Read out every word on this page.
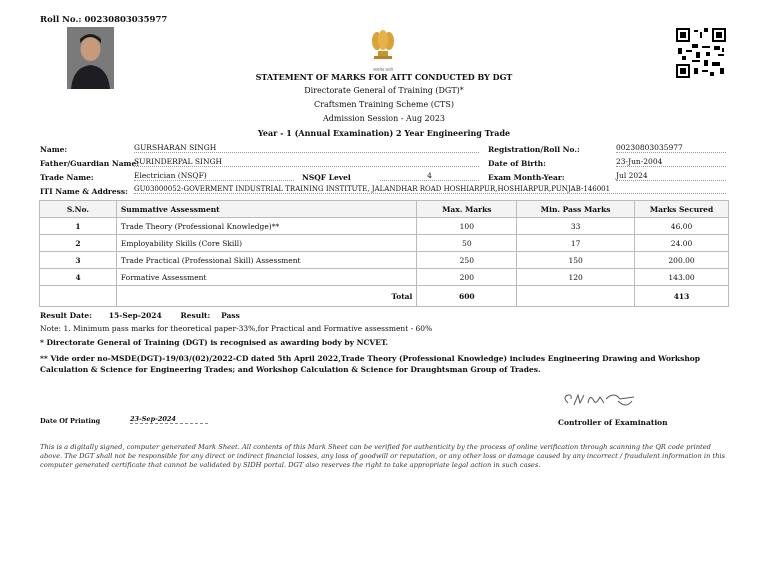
Roll No.: 00230803035977
सत्यमेव जयते
STATEMENT OF MARKS FOR AITT CONDUCTED BY DGT
Directorate General of Training (DGT)*
Craftsmen Training Scheme (CTS)
Admission Session - Aug 2023
Year - 1 (Annual Examination) 2 Year Engineering Trade
Name:	GURSHARAN SINGH
Father/Guardian Name:
SURINDERPAL SINGH
Trade Name:	Electrician (NSQF)	NSQF Level	4
ITI Name & Address: GU03000052-GOVERMENT INDUSTRIAL TRAINING INSTITUTE, JALANDHAR ROAD HOSHIARPUR,HOSHIARPUR,PUNJAB-146001
Registration/Roll No.:	00230803035977
Date of Birth:	23-Jun-2004
Exam Month-Year:	Jul 2024
S.No.	Summative Assessment	Max. Marks	Min. Pass Marks	Marks Secured
1	Trade Theory (Professional Knowledge)**	100	33	46.00
2	Employability Skills (Core Skill)	50	17	24.00
3	Trade Practical (Professional Skill) Assessment	250	150	200.00
4	Formative Assessment	200	120	143.00
	Total	600		413
Result Date: 15-Sep-2024	Result: Pass
Note: 1. Minimum pass marks for theoretical paper-33%,for Practical and Formative assessment - 60%
* Directorate General of Training (DGT) is recognised as awarding body by NCVET.
** Vide order no-MSDE(DGT)-19/03/(02)/2022-CD dated 5th April 2022,Trade Theory (Professional Knowledge) includes Engineering Drawing and Workshop Calculation & Science for Engineering Trades; and Workshop Calculation & Science for Draughtsman Group of Trades.
Controller of Examination
Date Of Printing	23-Sep-2024
This is a digitally signed, computer generated Mark Sheet. All contents of this Mark Sheet can be verified for authenticity by the process of online verification through scanning the QR code printed above. The DGT shall not be responsible for any direct or indirect financial losses, any loss of goodwill or reputation, or any other loss or damage caused by any incorrect / fraudulent information in this computer generated certificate that cannot be validated by SIDH portal. DGT also reserves the right to take appropriate legal action in such cases.
